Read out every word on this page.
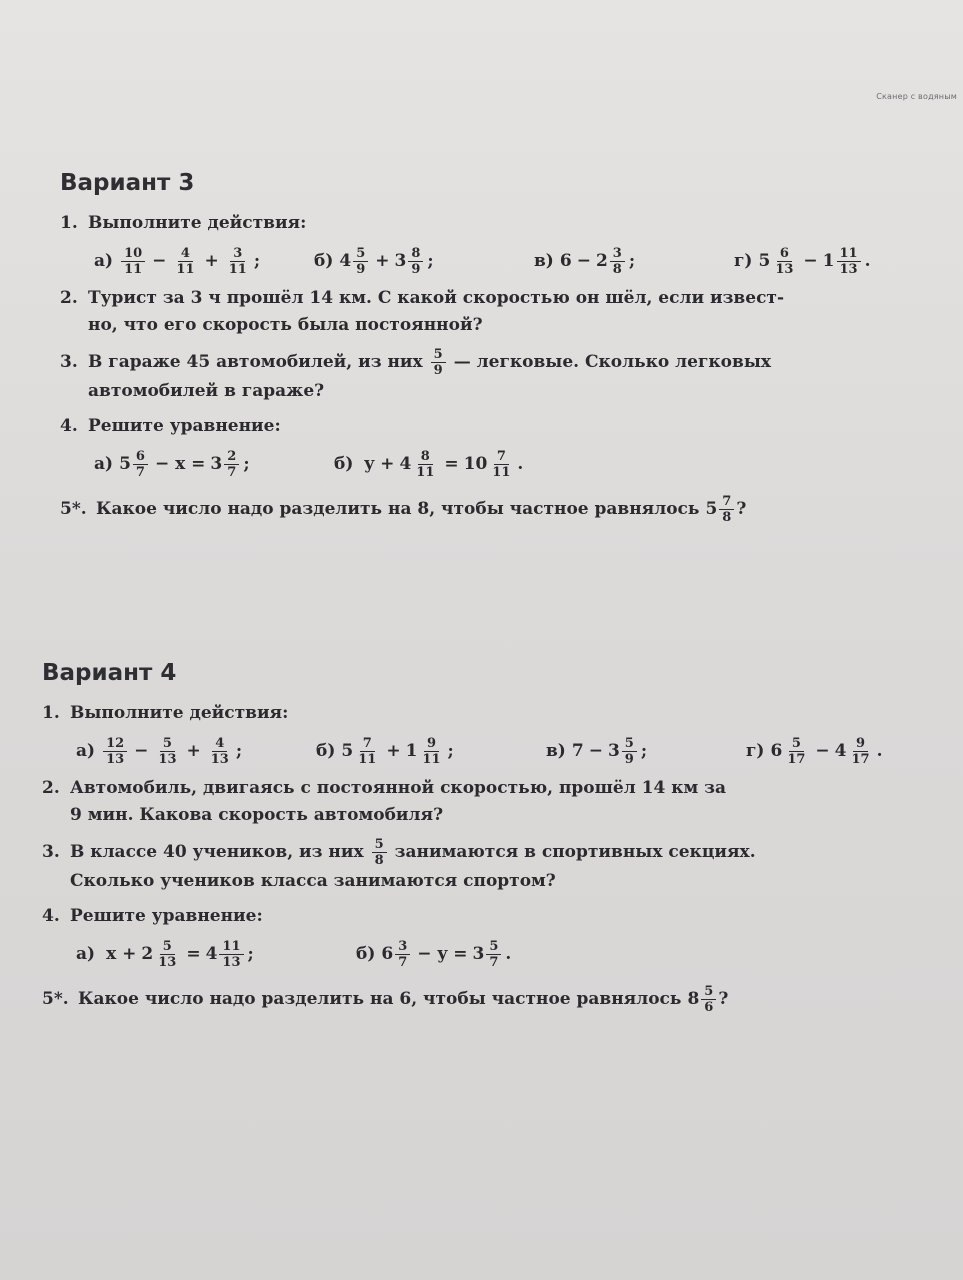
Сканер с водяным
Вариант 3
1. Выполните действия:
$а) \frac{10}{11} - \frac{4}{11} + \frac{3}{11}$ ;	б) $4 \frac{5}{9} + 3 \frac{8}{9}$ ;	в) $6 - 2 \frac{3}{8}$ ;	г) $5 \frac{6}{13} - 1 \frac{11}{13}$ .
2. Турист за 3 ч прошёл 14 км. С какой скоростью он шёл, если извест-
но, что его скорость была постоянной?
3. В гараже 45 автомобилей, из них $\frac{5}{9}$ — легковые. Сколько легковых
автомобилей в гараже?
4. Решите уравнение:
а) $5 \frac{6}{7} - x = 3 \frac{2}{7}$ ;	б) $y + 4 \frac{8}{11} = 10 \frac{7}{11}$ .
5*. Какое число надо разделить на 8, чтобы частное равнялось $5 \frac{7}{8}$ ?
Вариант 4
1. Выполните действия:
$а) \frac{12}{13} - \frac{5}{13} + \frac{4}{13}$ ;	б) $5 \frac{7}{11} + 1 \frac{9}{11}$ ;	в) $7 - 3 \frac{5}{9}$ ;	г) $6 \frac{5}{17} - 4 \frac{9}{17}$ .
2. Автомобиль, двигаясь с постоянной скоростью, прошёл 14 км за
9 мин. Какова скорость автомобиля?
3. В классе 40 учеников, из них $\frac{5}{8}$ занимаются в спортивных секциях.
Сколько учеников класса занимаются спортом?
4. Решите уравнение:
а) $x + 2 \frac{5}{13} = 4 \frac{11}{13}$ ;	б) $6 \frac{3}{7} - y = 3 \frac{5}{7}$ .
5*. Какое число надо разделить на 6, чтобы частное равнялось $8 \frac{5}{6}$ ?
